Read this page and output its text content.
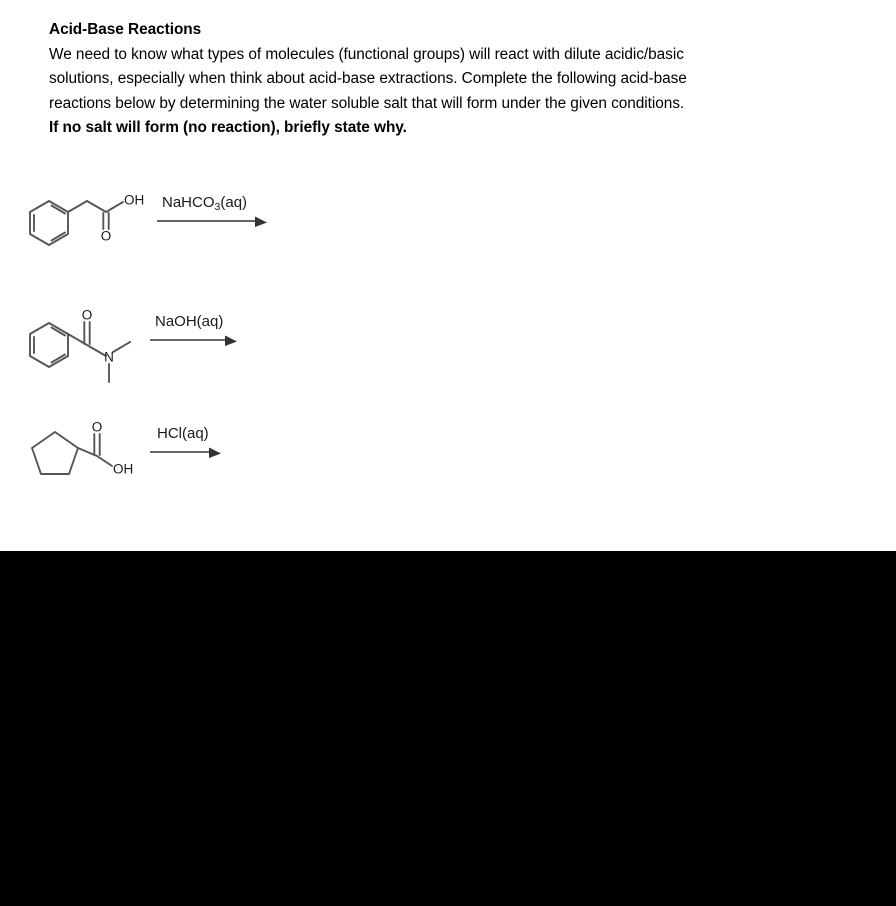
Acid-Base Reactions
We need to know what types of molecules (functional groups) will react with dilute acidic/basic
solutions, especially when think about acid-base extractions. Complete the following acid-base
reactions below by determining the water soluble salt that will form under the given conditions.
If no salt will form (no reaction), briefly state why.
OH
O
NaHCO$_3$(aq)
O
N
NaOH(aq)
O
OH
HCl(aq)
